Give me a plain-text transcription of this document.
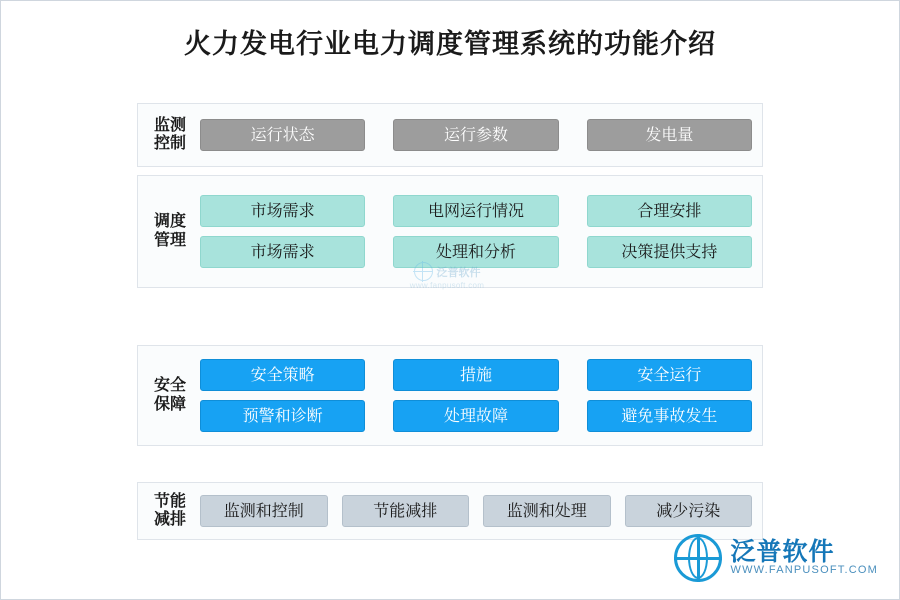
火力发电行业电力调度管理系统的功能介绍
监测
控制	运行状态	运行参数	发电量
调度
管理
市场需求	电网运行情况	合理安排
市场需求	处理和分析	决策提供支持
泛普软件
www.fanpusoft.com
安全
保障
安全策略	措施	安全运行
预警和诊断	处理故障	避免事故发生
节能
减排	监测和控制	节能减排	监测和处理	减少污染
泛普软件
WWW.FANPUSOFT.COM
